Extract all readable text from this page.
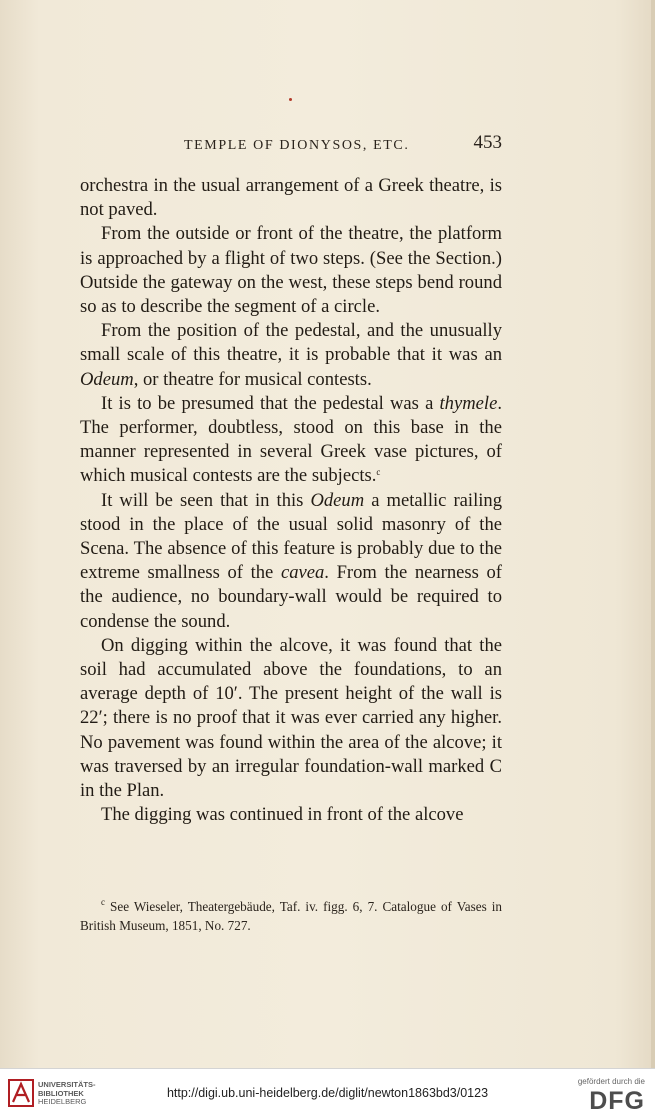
TEMPLE OF DIONYSOS, ETC.	453

orchestra in the usual arrangement of a Greek theatre, is not paved.

From the outside or front of the theatre, the platform is approached by a flight of two steps. (See the Section.) Outside the gateway on the west, these steps bend round so as to describe the segment of a circle.

From the position of the pedestal, and the unusually small scale of this theatre, it is probable that it was an Odeum, or theatre for musical contests.

It is to be presumed that the pedestal was a thymele. The performer, doubtless, stood on this base in the manner represented in several Greek vase pictures, of which musical contests are the subjects.$^c$

It will be seen that in this Odeum a metallic railing stood in the place of the usual solid masonry of the Scena. The absence of this feature is probably due to the extreme smallness of the cavea. From the nearness of the audience, no boundary-wall would be required to condense the sound.

On digging within the alcove, it was found that the soil had accumulated above the foundations, to an average depth of 10′. The present height of the wall is 22′; there is no proof that it was ever carried any higher. No pavement was found within the area of the alcove; it was traversed by an irregular foundation-wall marked C in the Plan.

The digging was continued in front of the alcove

$^c$ See Wieseler, Theatergebäude, Taf. iv. figg. 6, 7. Catalogue of Vases in British Museum, 1851, No. 727.

UNIVERSITÄTS-
BIBLIOTHEK
HEIDELBERG
http://digi.ub.uni-heidelberg.de/diglit/newton1863bd3/0123
gefördert durch die
DFG
